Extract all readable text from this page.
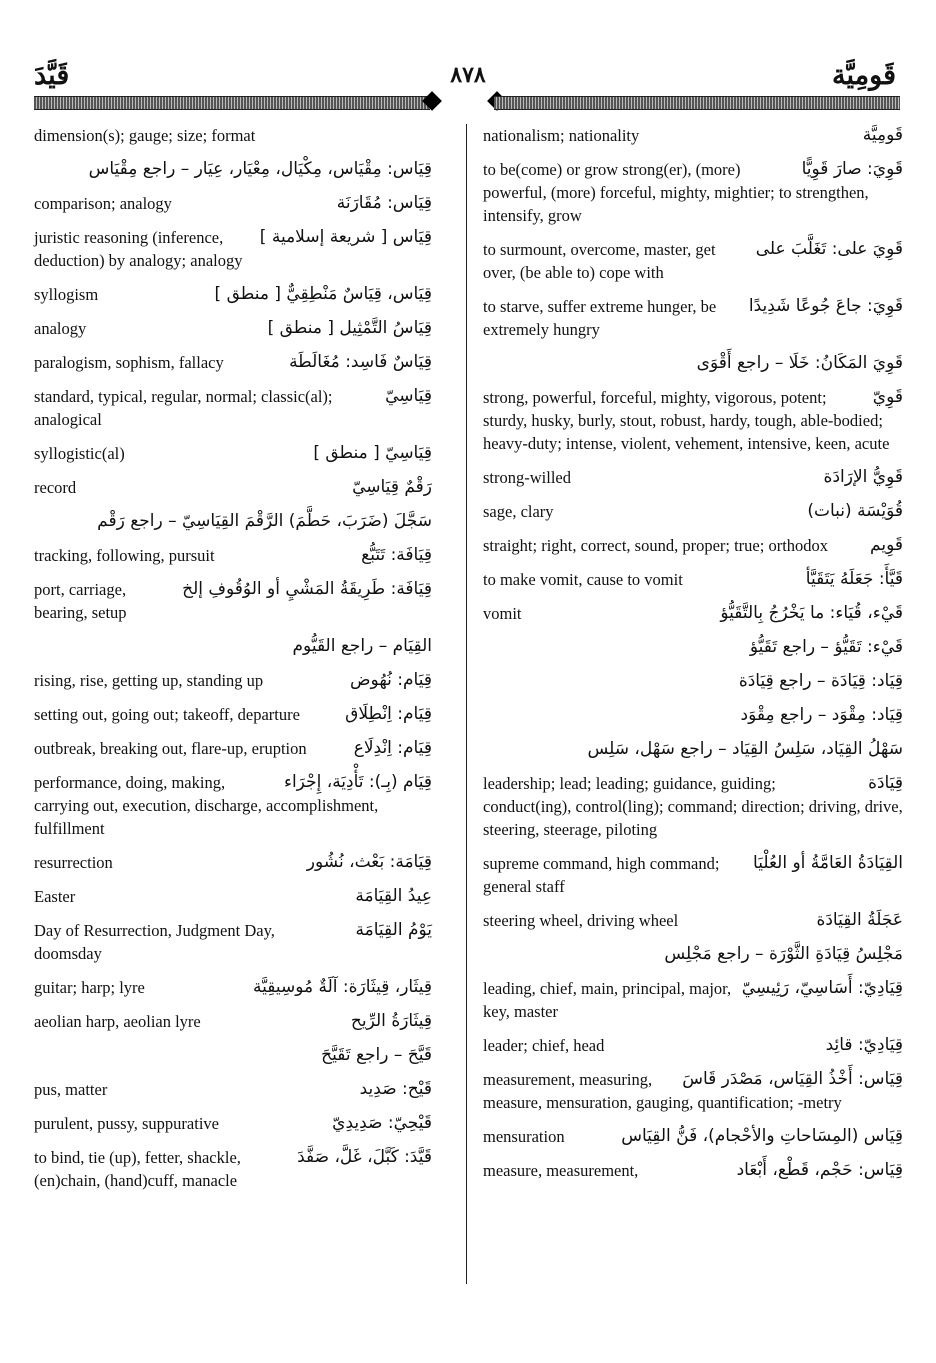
قَيَّدَ	٨٧٨	قَومِيَّة
dimension(s); gauge; size; format
قِيَاس: مِقْيَاس، مِكْيَال، مِعْيَار، عِيَار – راجع مِقْيَاس
قِيَاس: مُقَارَنَة
comparison; analogy
قِيَاس [ شريعة إسلامية ]
juristic reasoning (inference, deduction) by analogy; analogy
قِيَاس، قِيَاسٌ مَنْطِقِيٌّ [ منطق ]
syllogism
قِيَاسُ التَّمْثِيل [ منطق ]
analogy
قِيَاسٌ فَاسِد: مُغَالَطَة
paralogism, sophism, fallacy
قِيَاسِيّ
standard, typical, regular, normal; classic(al); analogical
قِيَاسِيّ [ منطق ]
syllogistic(al)
رَقْمٌ قِيَاسِيّ
record
سَجَّلَ (ضَرَبَ، حَطَّمَ) الرَّقْمَ القِيَاسِيّ – راجع رَقْم
قِيَافَة: تَتَبُّع
tracking, following, pursuit
قِيَافَة: طَرِيقَةُ المَشْيِ أو الوُقُوفِ إلخ
port, carriage, bearing, setup
القِيَام – راجع القَيُّوم
قِيَام: نُهُوض
rising, rise, getting up, standing up
قِيَام: اِنْطِلَاق
setting out, going out; takeoff, departure
قِيَام: اِنْدِلَاع
outbreak, breaking out, flare-up, eruption
قِيَام (بِـ): تَأْدِيَة، إِجْرَاء
performance, doing, making, carrying out, execution, discharge, accomplishment, fulfillment
قِيَامَة: بَعْث، نُشُور
resurrection
عِيدُ القِيَامَة
Easter
يَوْمُ القِيَامَة
Day of Resurrection, Judgment Day, doomsday
قِيثَار، قِيثَارَة: آلَةٌ مُوسِيقِيَّة
guitar; harp; lyre
قِيثَارَةُ الرِّيح
aeolian harp, aeolian lyre
قَيَّحَ – راجع تَقَيَّحَ
قَيْح: صَدِيد
pus, matter
قَيْحِيّ: صَدِيدِيّ
purulent, pussy, suppurative
قَيَّدَ: كَبَّلَ، غَلَّ، صَفَّدَ
to bind, tie (up), fetter, shackle, (en)chain, (hand)cuff, manacle
قَومِيَّة
nationalism; nationality
قَوِيَ: صارَ قَوِيًّا
to be(come) or grow strong(er), (more) powerful, (more) forceful, mighty, mightier; to strengthen, intensify, grow
قَوِيَ على: تَغَلَّبَ على
to surmount, overcome, master, get over, (be able to) cope with
قَوِيَ: جاعَ جُوعًا شَدِيدًا
to starve, suffer extreme hunger, be extremely hungry
قَوِيَ المَكَانُ: خَلَا – راجع أَقْوَى
قَوِيّ
strong, powerful, forceful, mighty, vigorous, potent; sturdy, husky, burly, stout, robust, hardy, tough, able-bodied; heavy-duty; intense, violent, vehement, intensive, keen, acute
قَوِيُّ الإرَادَة
strong-willed
قُوَيْسَة (نبات)
sage, clary
قَوِيم
straight; right, correct, sound, proper; true; orthodox
قَيَّأَ: جَعَلَهُ يَتَقَيَّأ
to make vomit, cause to vomit
قَيْء، قُيَاء: ما يَخْرُجُ بِالتَّقَيُّؤ
vomit
قَيْء: تَقَيُّؤ – راجع تَقَيُّؤ
قِيَاد: قِيَادَة – راجع قِيَادَة
قِيَاد: مِقْوَد – راجع مِقْوَد
سَهْلُ القِيَاد، سَلِسُ القِيَاد – راجع سَهْل، سَلِس
قِيَادَة
leadership; lead; leading; guidance, guiding; conduct(ing), control(ling); command; direction; driving, drive, steering, steerage, piloting
القِيَادَةُ العَامَّةُ أو العُلْيَا
supreme command, high command; general staff
عَجَلَةُ القِيَادَة
steering wheel, driving wheel
مَجْلِسُ قِيَادَةِ الثَّوْرَة – راجع مَجْلِس
قِيَادِيّ: أَسَاسِيّ، رَئِيسِيّ
leading, chief, main, principal, major, key, master
قِيَادِيّ: قائِد
leader; chief, head
قِيَاس: أَخْذُ القِيَاس، مَصْدَر قَاسَ
measurement, measuring, measure, mensuration, gauging, quantification; -metry
قِيَاس (المِسَاحاتِ والأحْجام)، فَنُّ القِيَاس
mensuration
قِيَاس: حَجْم، قَطْع، أَبْعَاد
measure, measurement,
